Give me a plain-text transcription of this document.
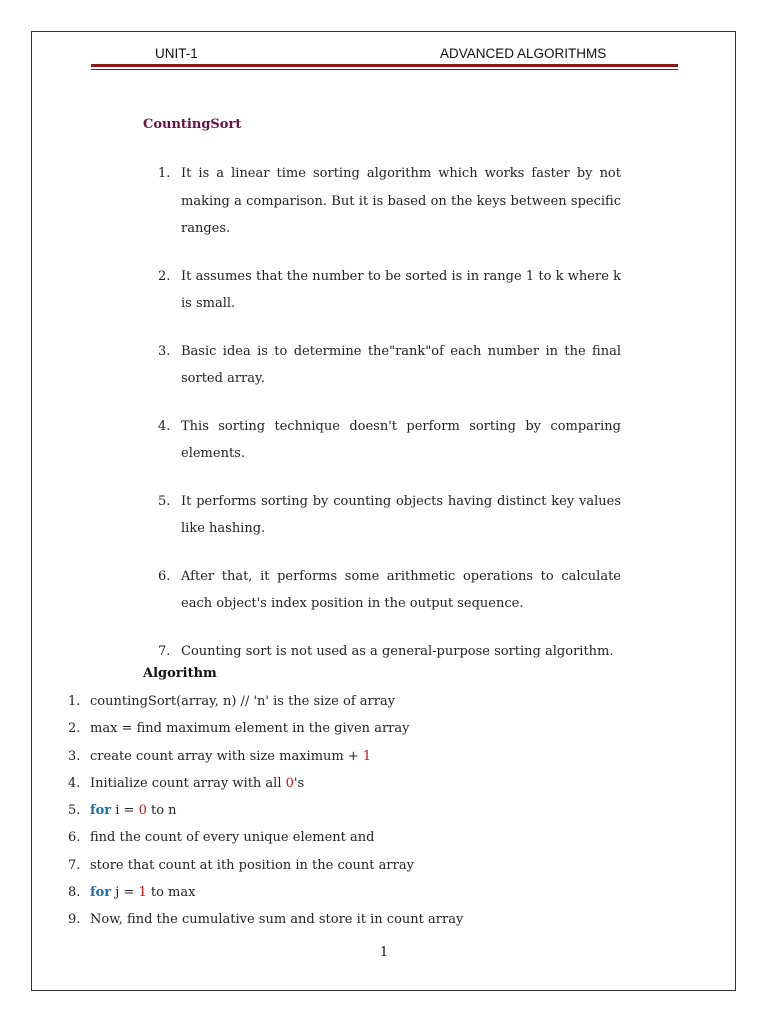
UNIT-1	ADVANCED ALGORITHMS
CountingSort
1. It is a linear time sorting algorithm which works faster by not making a comparison. But it is based on the keys between specific ranges.
2. It assumes that the number to be sorted is in range 1 to k where k is small.
3. Basic idea is to determine the"rank"of each number in the final sorted array.
4. This sorting technique doesn't perform sorting by comparing elements.
5. It performs sorting by counting objects having distinct key values like hashing.
6. After that, it performs some arithmetic operations to calculate each object's index position in the output sequence.
7. Counting sort is not used as a general-purpose sorting algorithm.
Algorithm
1. countingSort(array, n) // 'n' is the size of array
2. max = find maximum element in the given array
3. create count array with size maximum + 1
4. Initialize count array with all 0's
5. for i = 0 to n
6. find the count of every unique element and
7. store that count at ith position in the count array
8. for j = 1 to max
9. Now, find the cumulative sum and store it in count array
1
